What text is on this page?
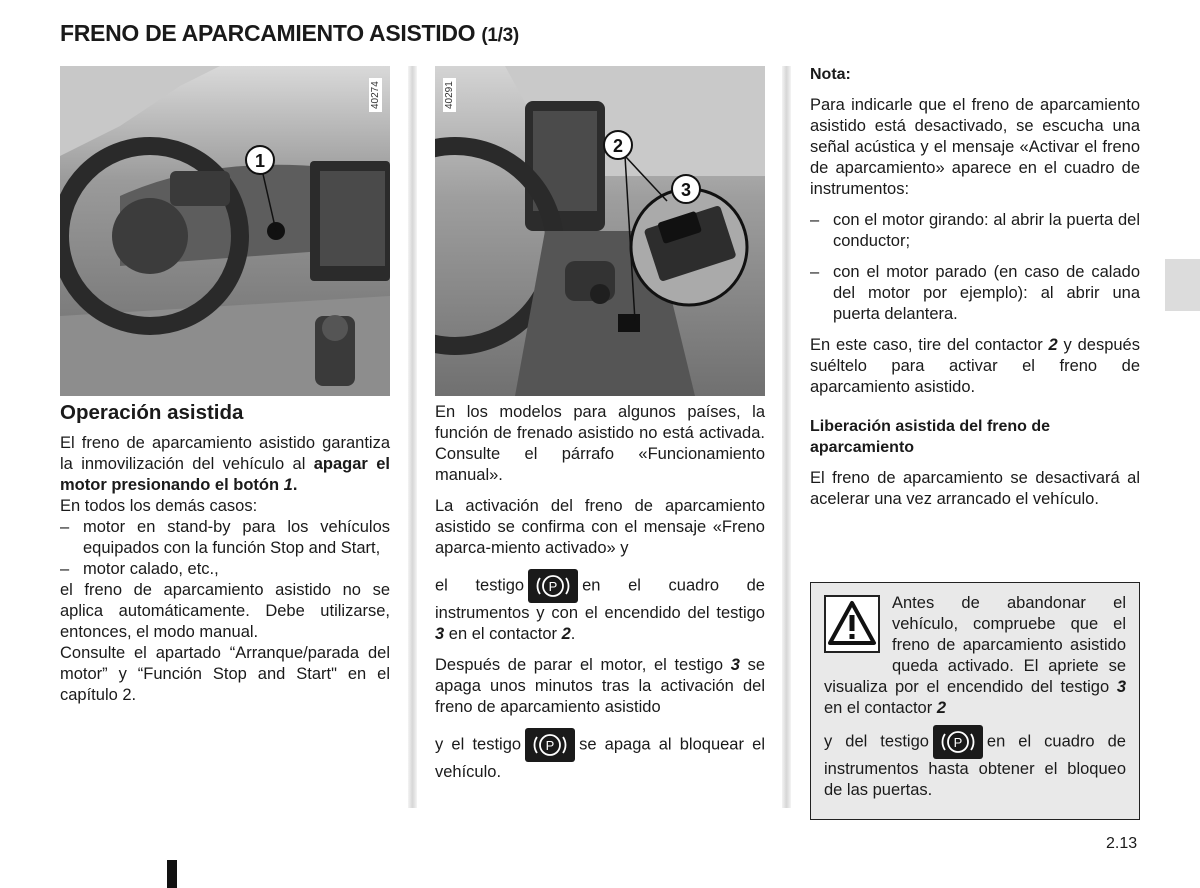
FRENO DE APARCAMIENTO ASISTIDO (1/3)
1
40274
2
3
40291
Operación asistida

El freno de aparcamiento asistido garantiza la inmovilización del vehículo al apagar el motor presionando el botón 1.

En todos los demás casos:

– motor en stand-by para los vehículos equipados con la función Stop and Start,
– motor calado, etc.,

el freno de aparcamiento asistido no se aplica automáticamente. Debe utilizarse, entonces, el modo manual.

Consulte el apartado “Arranque/parada del motor” y “Función Stop and Start" en el capítulo 2.

En los modelos para algunos países, la función de frenado asistido no está activada. Consulte el párrafo «Funcionamiento manual».

La activación del freno de aparcamiento asistido se confirma con el mensaje «Freno aparca-miento activado» y

el testigo P en el cuadro de instrumentos y con el encendido del testigo 3 en el contactor 2.

Después de parar el motor, el testigo 3 se apaga unos minutos tras la activación del freno de aparcamiento asistido

y el testigo P se apaga al bloquear el vehículo.

Nota:

Para indicarle que el freno de aparcamiento asistido está desactivado, se escucha una señal acústica y el mensaje «Activar el freno de aparcamiento» aparece en el cuadro de instrumentos:

– con el motor girando: al abrir la puerta del conductor;
– con el motor parado (en caso de calado del motor por ejemplo): al abrir una puerta delantera.

En este caso, tire del contactor 2 y después suéltelo para activar el freno de aparcamiento asistido.

Liberación asistida del freno de aparcamiento

El freno de aparcamiento se desactivará al acelerar una vez arrancado el vehículo.

Antes de abandonar el vehículo, compruebe que el freno de aparcamiento asistido queda activado. El apriete se visualiza por el encendido del testigo 3 en el contactor 2

y del testigo P en el cuadro de instrumentos hasta obtener el bloqueo de las puertas.

2.13
